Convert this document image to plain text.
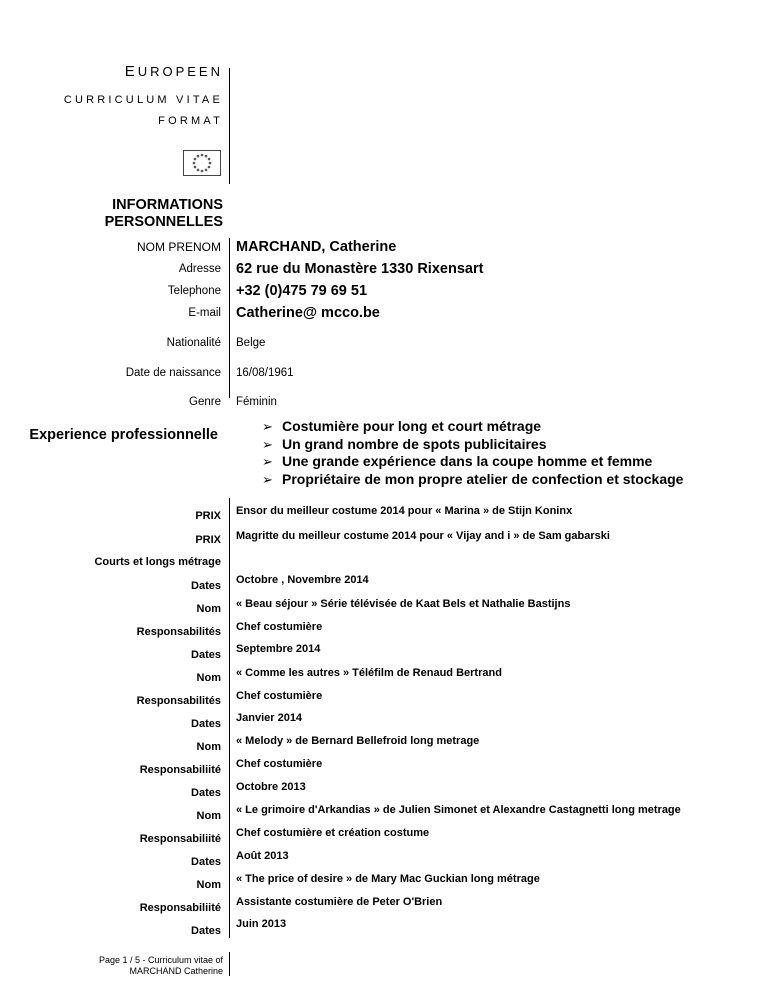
EUROPEEN
CURRICULUM VITAE
FORMAT
INFORMATIONS
PERSONNELLES
NOM PRENOM MARCHAND, Catherine
Adresse 62 rue du Monastère 1330 Rixensart
Telephone +32 (0)475 79 69 51
E-mail Catherine@ mcco.be
Nationalité Belge
Date de naissance 16/08/1961
Genre Féminin
Experience professionnelle
➢ Costumière pour long et court métrage
➢ Un grand nombre de spots publicitaires
➢ Une grande expérience dans la coupe homme et femme
➢ Propriétaire de mon propre atelier de confection et stockage
PRIX Ensor du meilleur costume 2014 pour « Marina » de Stijn Koninx
PRIX Magritte du meilleur costume 2014 pour « Vijay and i » de Sam gabarski
Courts et longs métrage
Dates Octobre , Novembre 2014
Nom « Beau séjour » Série télévisée de Kaat Bels et Nathalie Bastijns
Responsabilités Chef costumière
Dates Septembre 2014
Nom « Comme les autres » Téléfilm de Renaud Bertrand
Responsabilités Chef costumière
Dates Janvier 2014
Nom « Melody » de Bernard Bellefroid long metrage
Responsabiliité Chef costumière
Dates Octobre 2013
Nom « Le grimoire d'Arkandias » de Julien Simonet et Alexandre Castagnetti long metrage
Responsabiliité Chef costumière et création costume
Dates Août 2013
Nom « The price of desire » de Mary Mac Guckian long métrage
Responsabiliité Assistante costumière de Peter O'Brien
Dates
Juin 2013
Page 1 / 5 - Curriculum vitae of
MARCHAND Catherine
